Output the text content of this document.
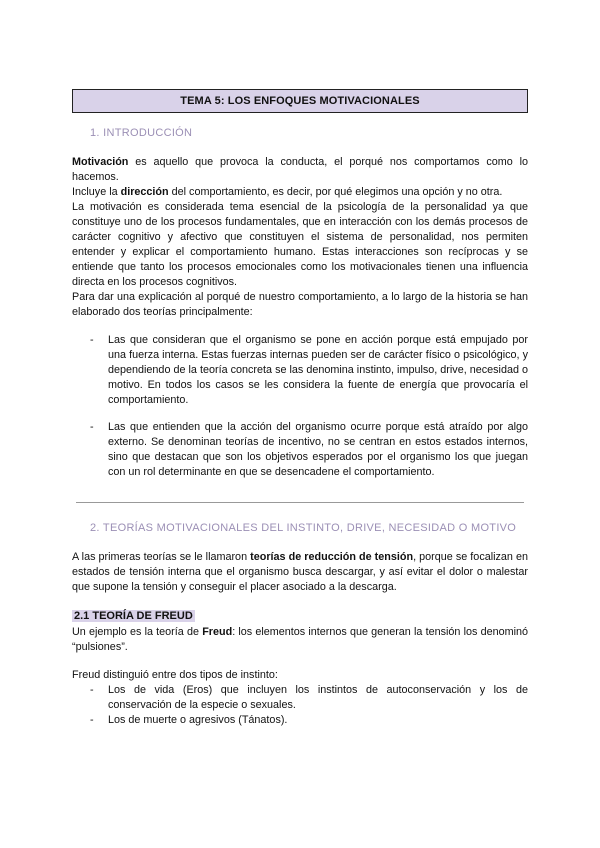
TEMA 5: LOS ENFOQUES MOTIVACIONALES
1. INTRODUCCIÓN

Motivación es aquello que provoca la conducta, el porqué nos comportamos como lo hacemos.

Incluye la dirección del comportamiento, es decir, por qué elegimos una opción y no otra.

La motivación es considerada tema esencial de la psicología de la personalidad ya que constituye uno de los procesos fundamentales, que en interacción con los demás procesos de carácter cognitivo y afectivo que constituyen el sistema de personalidad, nos permiten entender y explicar el comportamiento humano. Estas interacciones son recíprocas y se entiende que tanto los procesos emocionales como los motivacionales tienen una influencia directa en los procesos cognitivos.

Para dar una explicación al porqué de nuestro comportamiento, a lo largo de la historia se han elaborado dos teorías principalmente:

- Las que consideran que el organismo se pone en acción porque está empujado por una fuerza interna. Estas fuerzas internas pueden ser de carácter físico o psicológico, y dependiendo de la teoría concreta se las denomina instinto, impulso, drive, necesidad o motivo. En todos los casos se les considera la fuente de energía que provocaría el comportamiento.
- Las que entienden que la acción del organismo ocurre porque está atraído por algo externo. Se denominan teorías de incentivo, no se centran en estos estados internos, sino que destacan que son los objetivos esperados por el organismo los que juegan con un rol determinante en que se desencadene el comportamiento.
2. TEORÍAS MOTIVACIONALES DEL INSTINTO, DRIVE, NECESIDAD O MOTIVO

A las primeras teorías se le llamaron teorías de reducción de tensión, porque se focalizan en estados de tensión interna que el organismo busca descargar, y así evitar el dolor o malestar que supone la tensión y conseguir el placer asociado a la descarga.

2.1 TEORÍA DE FREUD

Un ejemplo es la teoría de Freud: los elementos internos que generan la tensión los denominó “pulsiones”.

Freud distinguió entre dos tipos de instinto:

- Los de vida (Eros) que incluyen los instintos de autoconservación y los de conservación de la especie o sexuales.
- Los de muerte o agresivos (Tánatos).
